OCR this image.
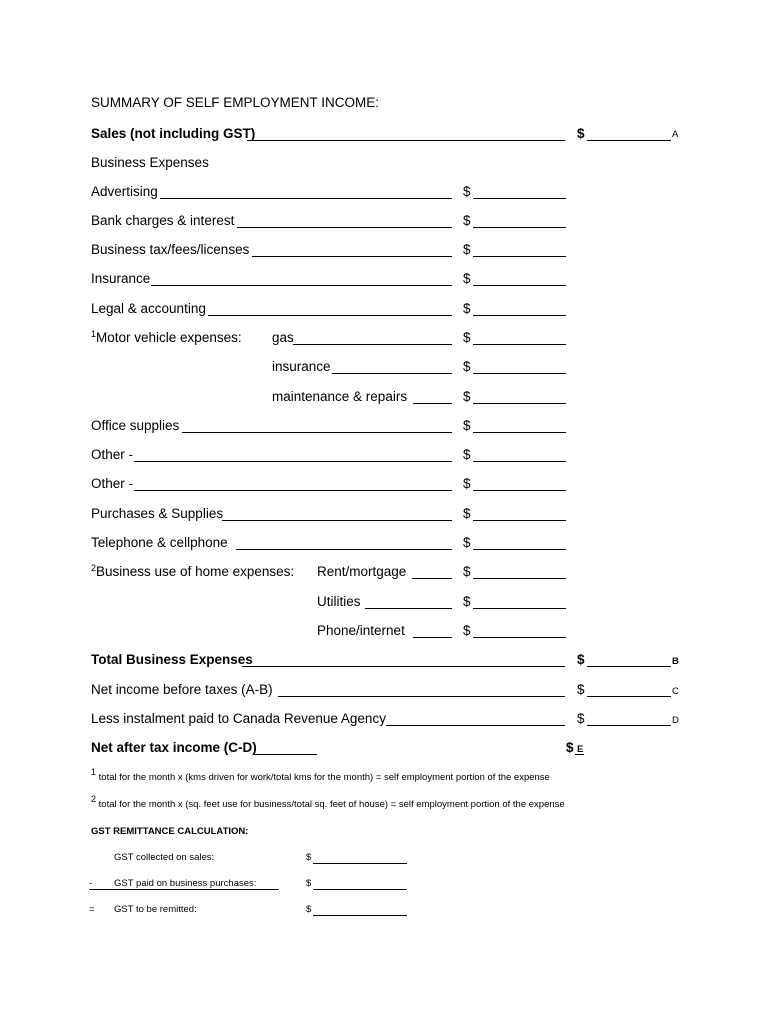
SUMMARY OF SELF EMPLOYMENT INCOME:
Sales (not including GST)	$	A
Business Expenses
Advertising	$
Bank charges & interest	$
Business tax/fees/licenses	$
Insurance	$
Legal & accounting	$
$^1$Motor vehicle expenses: gas	$
insurance	$
maintenance & repairs	$
Office supplies	$
Other -	$
Other -	$
Purchases & Supplies	$
Telephone & cellphone	$
$^2$Business use of home expenses: Rent/mortgage	$
Utilities	$
Phone/internet	$
Total Business Expenses	$	B
Net income before taxes (A-B)	$	C
Less instalment paid to Canada Revenue Agency	$	D
Net after tax income (C-D)	$ E
$^1$ total for the month x (kms driven for work/total kms for the month) = self employment portion of the expense
$^2$ total for the month x (sq. feet use for business/total sq. feet of house) = self employment portion of the expense
GST REMITTANCE CALCULATION:
GST collected on sales:	$
- GST paid on business purchases:	$
= GST to be remitted:	$
